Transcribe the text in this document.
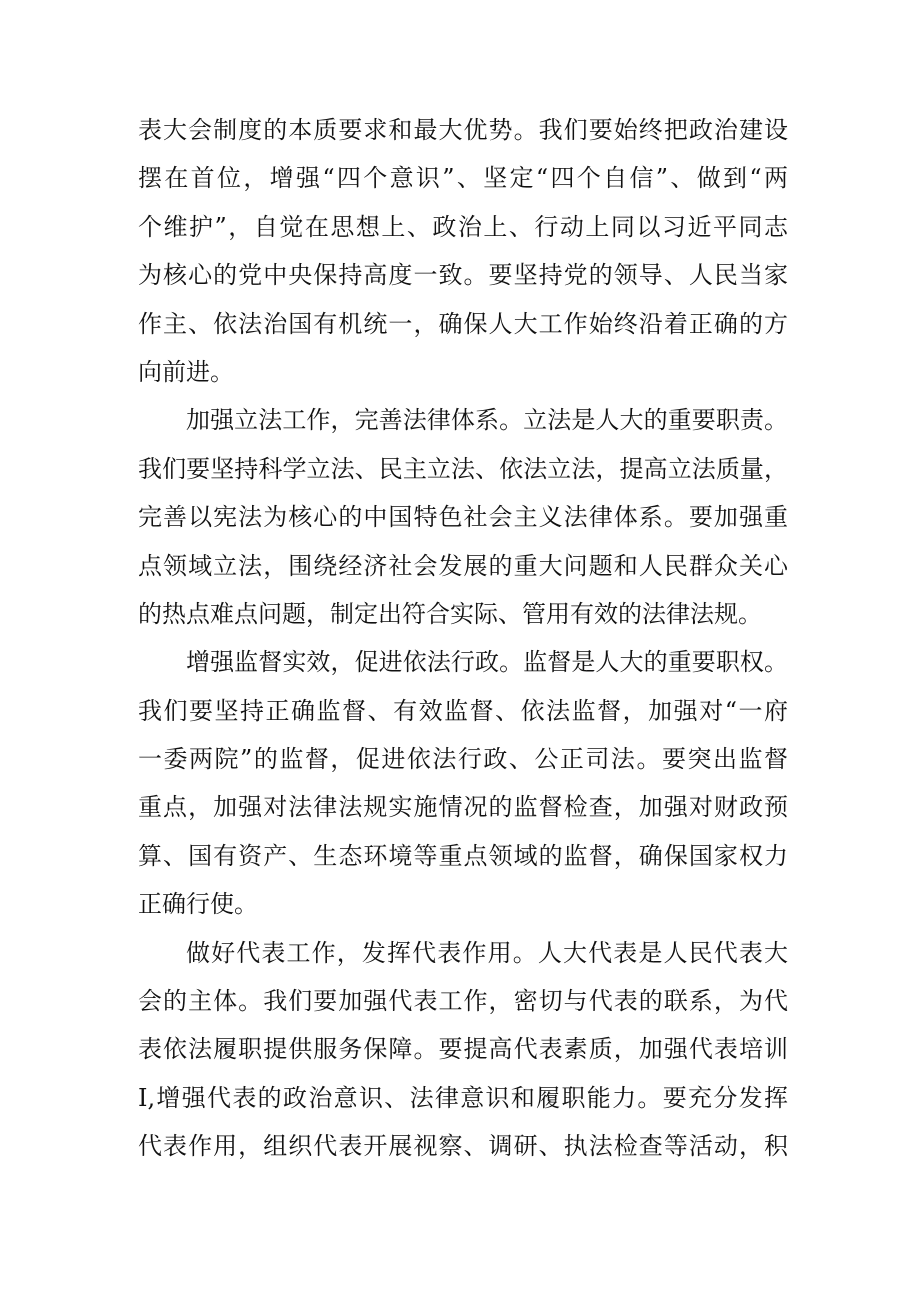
表大会制度的本质要求和最大优势。我们要始终把政治建设
摆在首位，增强“四个意识”、坚定“四个自信”、做到“两
个维护”，自觉在思想上、政治上、行动上同以习近平同志
为核心的党中央保持高度一致。要坚持党的领导、人民当家
作主、依法治国有机统一，确保人大工作始终沿着正确的方
向前进。
加强立法工作，完善法律体系。立法是人大的重要职责。
我们要坚持科学立法、民主立法、依法立法，提高立法质量，
完善以宪法为核心的中国特色社会主义法律体系。要加强重
点领域立法，围绕经济社会发展的重大问题和人民群众关心
的热点难点问题，制定出符合实际、管用有效的法律法规。
增强监督实效，促进依法行政。监督是人大的重要职权。
我们要坚持正确监督、有效监督、依法监督，加强对“一府
一委两院”的监督，促进依法行政、公正司法。要突出监督
重点，加强对法律法规实施情况的监督检查，加强对财政预
算、国有资产、生态环境等重点领域的监督，确保国家权力
正确行使。
做好代表工作，发挥代表作用。人大代表是人民代表大
会的主体。我们要加强代表工作，密切与代表的联系，为代
表依法履职提供服务保障。要提高代表素质，加强代表培训
I,增强代表的政治意识、法律意识和履职能力。要充分发挥
代表作用，组织代表开展视察、调研、执法检查等活动，积
